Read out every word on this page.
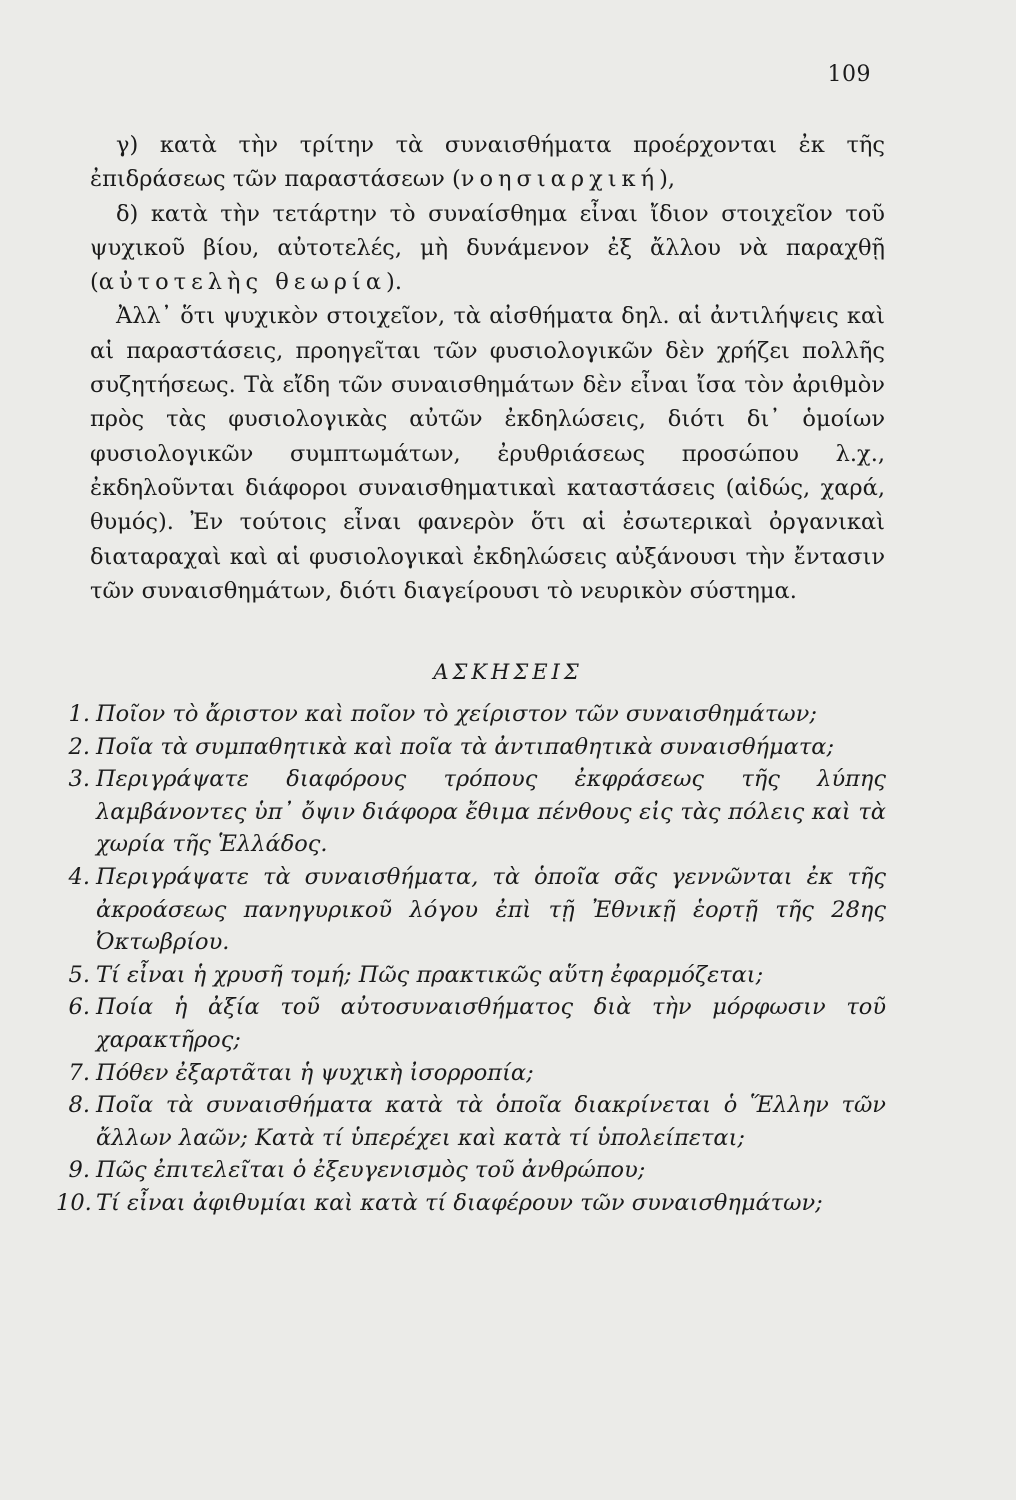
109

γ) κατὰ τὴν τρίτην τὰ συναισθήματα προέρχονται ἐκ τῆς ἐπιδράσεως τῶν παραστάσεων (νοησιαρχική),

δ) κατὰ τὴν τετάρτην τὸ συναίσθημα εἶναι ἴδιον στοιχεῖον τοῦ ψυχικοῦ βίου, αὐτοτελές, μὴ δυνάμενον ἐξ ἄλλου νὰ παραχθῇ (αὐτοτελὴς θεωρία).

Ἀλλ᾽ ὅτι ψυχικὸν στοιχεῖον, τὰ αἰσθήματα δηλ. αἱ ἀντιλήψεις καὶ αἱ παραστάσεις, προηγεῖται τῶν φυσιολογικῶν δὲν χρήζει πολλῆς συζητήσεως. Τὰ εἴδη τῶν συναισθημάτων δὲν εἶναι ἴσα τὸν ἀριθμὸν πρὸς τὰς φυσιολογικὰς αὐτῶν ἐκδηλώσεις, διότι δι᾽ ὁμοίων φυσιολογικῶν συμπτωμάτων, ἐρυθριάσεως προσώπου λ.χ., ἐκδηλοῦνται διάφοροι συναισθηματικαὶ καταστάσεις (αἰδώς, χαρά, θυμός). Ἐν τούτοις εἶναι φανερὸν ὅτι αἱ ἐσωτερικαὶ ὀργανικαὶ διαταραχαὶ καὶ αἱ φυσιολογικαὶ ἐκδηλώσεις αὐξάνουσι τὴν ἔντασιν τῶν συναισθημάτων, διότι διαγείρουσι τὸ νευρικὸν σύστημα.

ΑΣΚΗΣΕΙΣ
1. Ποῖον τὸ ἄριστον καὶ ποῖον τὸ χείριστον τῶν συναισθημάτων;
2. Ποῖα τὰ συμπαθητικὰ καὶ ποῖα τὰ ἀντιπαθητικὰ συναισθήματα;
3. Περιγράψατε διαφόρους τρόπους ἐκφράσεως τῆς λύπης λαμβάνοντες ὑπ᾽ ὄψιν διάφορα ἔθιμα πένθους εἰς τὰς πόλεις καὶ τὰ χωρία τῆς Ἑλλάδος.
4. Περιγράψατε τὰ συναισθήματα, τὰ ὁποῖα σᾶς γεννῶνται ἐκ τῆς ἀκροάσεως πανηγυρικοῦ λόγου ἐπὶ τῇ Ἐθνικῇ ἑορτῇ τῆς 28ης Ὀκτωβρίου.
5. Τί εἶναι ἡ χρυσῆ τομή; Πῶς πρακτικῶς αὕτη ἐφαρμόζεται;
6. Ποία ἡ ἀξία τοῦ αὐτοσυναισθήματος διὰ τὴν μόρφωσιν τοῦ χαρακτῆρος;
7. Πόθεν ἐξαρτᾶται ἡ ψυχικὴ ἰσορροπία;
8. Ποῖα τὰ συναισθήματα κατὰ τὰ ὁποῖα διακρίνεται ὁ Ἕλλην τῶν ἄλλων λαῶν; Κατὰ τί ὑπερέχει καὶ κατὰ τί ὑπολείπεται;
9. Πῶς ἐπιτελεῖται ὁ ἐξευγενισμὸς τοῦ ἀνθρώπου;
10. Τί εἶναι ἀφιθυμίαι καὶ κατὰ τί διαφέρουν τῶν συναισθημάτων;
